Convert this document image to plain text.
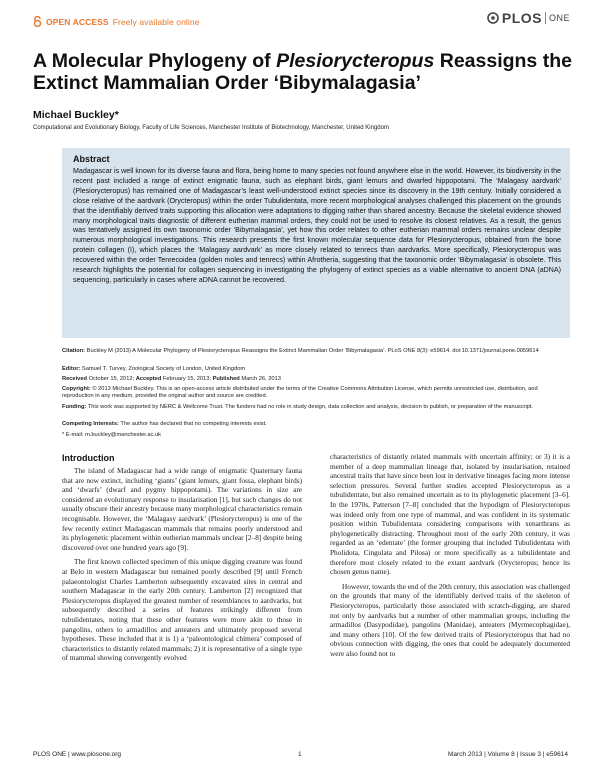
OPEN ACCESS Freely available online	PLOS ONE
A Molecular Phylogeny of Plesiorycteropus Reassigns the Extinct Mammalian Order ‘Bibymalagasia’
Michael Buckley*
Computational and Evolutionary Biology, Faculty of Life Sciences, Manchester Institute of Biotechnology, Manchester, United Kingdom
Abstract
Madagascar is well known for its diverse fauna and flora, being home to many species not found anywhere else in the world. However, its biodiversity in the recent past included a range of extinct enigmatic fauna, such as elephant birds, giant lemurs and dwarfed hippopotami. The ‘Malagasy aardvark’ (Plesiorycteropus) has remained one of Madagascar’s least well-understood extinct species since its discovery in the 19th century. Initially considered a close relative of the aardvark (Orycteropus) within the order Tubulidentata, more recent morphological analyses challenged this placement on the grounds that the identifiably derived traits supporting this allocation were adaptations to digging rather than shared ancestry. Because the skeletal evidence showed many morphological traits diagnostic of different eutherian mammal orders, they could not be used to resolve its closest relatives. As a result, the genus was tentatively assigned its own taxonomic order ‘Bibymalagasia’, yet how this order relates to other eutherian mammal orders remains unclear despite numerous morphological investigations. This research presents the first known molecular sequence data for Plesiorycteropus, obtained from the bone protein collagen (I), which places the ‘Malagasy aardvark’ as more closely related to tenrecs than aardvarks. More specifically, Plesiorycteropus was recovered within the order Tenrecoidea (golden moles and tenrecs) within Afrotheria, suggesting that the taxonomic order ‘Bibymalagasia’ is obsolete. This research highlights the potential for collagen sequencing in investigating the phylogeny of extinct species as a viable alternative to ancient DNA (aDNA) sequencing, particularly in cases where aDNA cannot be recovered.
Citation: Buckley M (2013) A Molecular Phylogeny of Plesiorycteropus Reassigns the Extinct Mammalian Order ‘Bibymalagasia’. PLoS ONE 8(3): e59614. doi:10.1371/journal.pone.0059614
Editor: Samuel T. Turvey, Zoological Society of London, United Kingdom
Received October 15, 2012; Accepted February 15, 2013; Published March 26, 2013
Copyright: © 2013 Michael Buckley. This is an open-access article distributed under the terms of the Creative Commons Attribution License, which permits unrestricted use, distribution, and reproduction in any medium, provided the original author and source are credited.
Funding: This work was supported by NERC & Wellcome Trust. The funders had no role in study design, data collection and analysis, decision to publish, or preparation of the manuscript.
Competing Interests: The author has declared that no competing interests exist.
* E-mail: m.buckley@manchester.ac.uk
Introduction

The island of Madagascar had a wide range of enigmatic Quaternary fauna that are now extinct, including ‘giants’ (giant lemurs, giant fossa, elephant birds) and ‘dwarfs’ (dwarf and pygmy hippopotami). The variations in size are considered an evolutionary response to insularisation [1], but such changes do not usually obscure their ancestry because many morphological characteristics remain recognisable. However, the ‘Malagasy aardvark’ (Plesiorycteropus) is one of the few recently extinct Madagascan mammals that remains poorly understood and its phylogenetic placement within eutherian mammals unclear [2–8] despite being discovered over one hundred years ago [9].

The first known collected specimen of this unique digging creature was found at Belo in western Madagascar but remained poorly described [9] until French palaeontologist Charles Lamberton subsequently excavated sites in central and southern Madagascar in the early 20th century. Lamberton [2] recognized that Plesiorycteropus displayed the greatest number of resemblances to aardvarks, but subsequently described a series of features strikingly different from tubulidentates, noting that these other features were more akin to those in pangolins, others to armadillos and anteaters and ultimately proposed several hypotheses. These included that it is 1) a ‘paleontological chimera’ composed of characteristics to distantly related mammals; 2) it is representative of a single type of mammal showing convergently evolved

characteristics of distantly related mammals with uncertain affinity; or 3) it is a member of a deep mammalian lineage that, isolated by insularisation, retained ancestral traits that have since been lost in derivative lineages facing more intense selection pressures. Several further studies accepted Plesiorycteropus as a tubulidentate, but also remained uncertain as to its phylogenetic placement [3–6]. In the 1970s, Patterson [7–8] concluded that the hypodigm of Plesiorycteropus was indeed only from one type of mammal, and was confident in its systematic position within Tubulidentata considering comparisons with xenarthrans as phylogenetically distracting. Throughout most of the early 20th century, it was regarded as an ‘edentate’ (the former grouping that included Tubulidentata with Pholidota, Cingulata and Pilosa) or more specifically as a tubulidentate and therefore most closely related to the extant aardvark (Orycteropus; hence its chosen genus name).

However, towards the end of the 20th century, this association was challenged on the grounds that many of the identifiably derived traits of the skeleton of Plesiorycteropus, particularly those associated with scratch-digging, are shared not only by aardvarks but a number of other mammalian groups, including the armadillos (Dasypodidae), pangolins (Manidae), anteaters (Myrmecophagidae), and many others [10]. Of the few derived traits of Plesiorycteropus that had no obvious connection with digging, the ones that could be adequately documented were also found not to

PLOS ONE | www.plosone.org	1	March 2013 | Volume 8 | Issue 3 | e59614
